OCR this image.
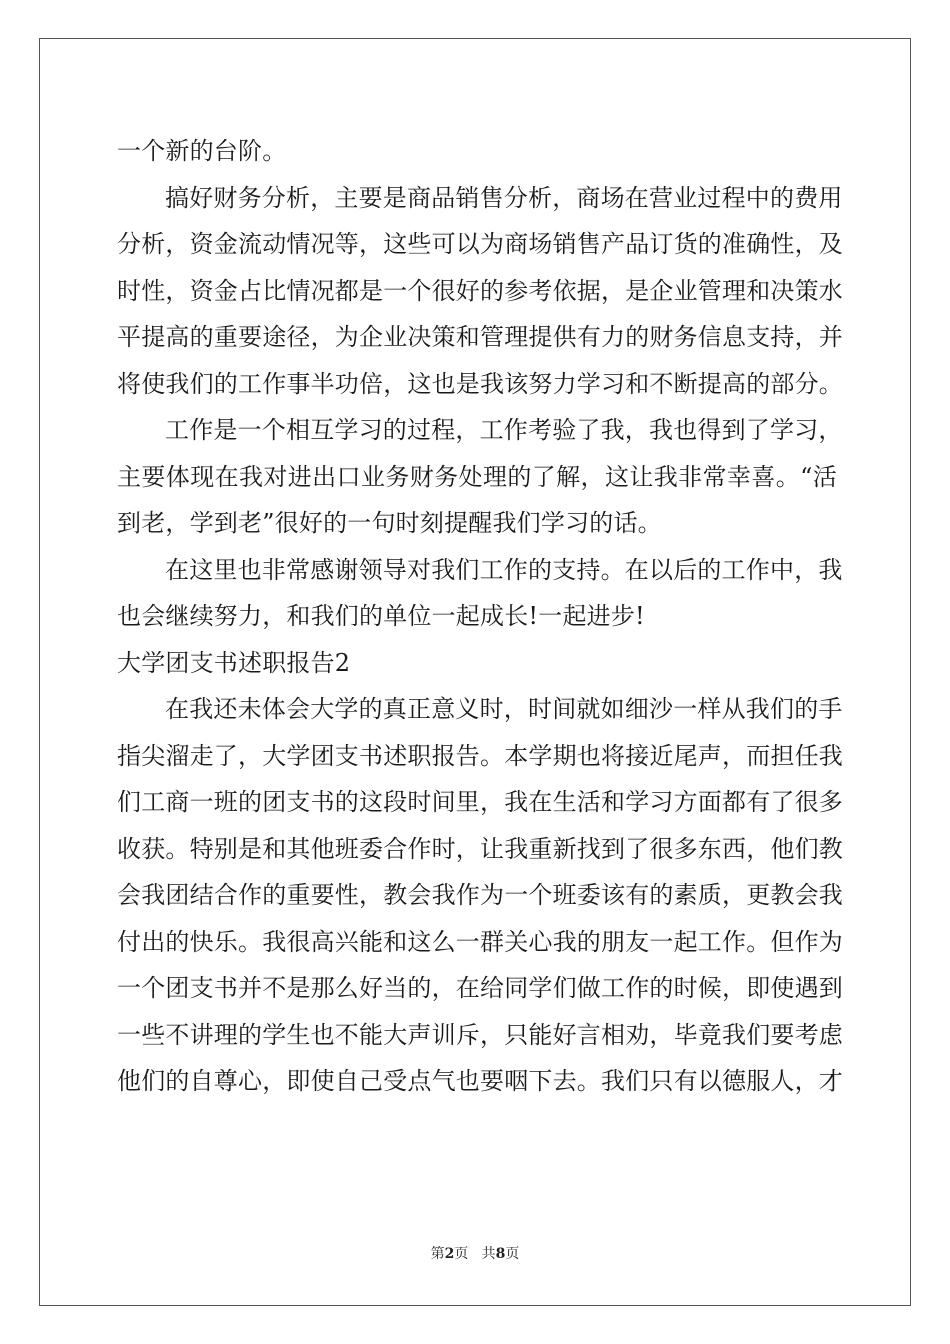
一个新的台阶。
搞好财务分析，主要是商品销售分析，商场在营业过程中的费用
分析，资金流动情况等，这些可以为商场销售产品订货的准确性，及
时性，资金占比情况都是一个很好的参考依据，是企业管理和决策水
平提高的重要途径，为企业决策和管理提供有力的财务信息支持，并
将使我们的工作事半功倍，这也是我该努力学习和不断提高的部分。
工作是一个相互学习的过程，工作考验了我，我也得到了学习，
主要体现在我对进出口业务财务处理的了解，这让我非常幸喜。“活
到老，学到老”很好的一句时刻提醒我们学习的话。
在这里也非常感谢领导对我们工作的支持。在以后的工作中，我
也会继续努力，和我们的单位一起成长!一起进步!
大学团支书述职报告2
在我还未体会大学的真正意义时，时间就如细沙一样从我们的手
指尖溜走了，大学团支书述职报告。本学期也将接近尾声，而担任我
们工商一班的团支书的这段时间里，我在生活和学习方面都有了很多
收获。特别是和其他班委合作时，让我重新找到了很多东西，他们教
会我团结合作的重要性，教会我作为一个班委该有的素质，更教会我
付出的快乐。我很高兴能和这么一群关心我的朋友一起工作。但作为
一个团支书并不是那么好当的，在给同学们做工作的时候，即使遇到
一些不讲理的学生也不能大声训斥，只能好言相劝，毕竟我们要考虑
他们的自尊心，即使自己受点气也要咽下去。我们只有以德服人，才
第2页 共8页
